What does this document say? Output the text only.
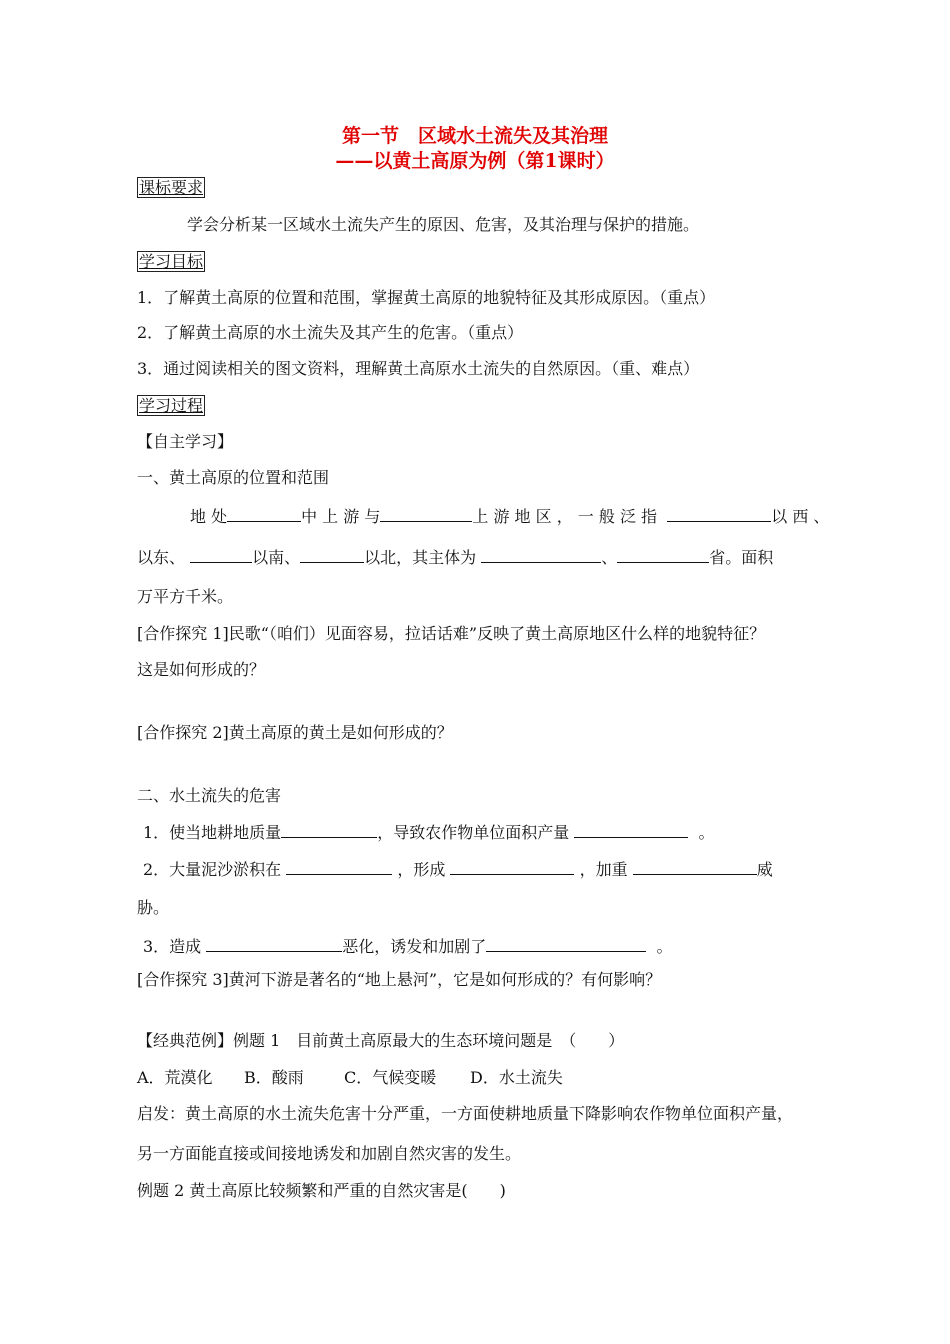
第一节　区域水土流失及其治理
——以黄土高原为例（第1课时）
课标要求
学会分析某一区域水土流失产生的原因、危害，及其治理与保护的措施。
学习目标
1．了解黄土高原的位置和范围，掌握黄土高原的地貌特征及其形成原因。（重点）
2．了解黄土高原的水土流失及其产生的危害。（重点）
3．通过阅读相关的图文资料，理解黄土高原水土流失的自然原因。（重、难点）
学习过程
【自主学习】
一、黄土高原的位置和范围
地 处	中 上 游 与	上 游 地 区 ， 一 般 泛 指	以 西 、
以东、	以南、	以北，其主体为	、	省。面积
万平方千米。
[合作探究 1]民歌“（咱们）见面容易，拉话话难”反映了黄土高原地区什么样的地貌特征？
这是如何形成的？
[合作探究 2]黄土高原的黄土是如何形成的？
二、水土流失的危害
1．使当地耕地质量	，导致农作物单位面积产量	。
2．大量泥沙淤积在	，形成	，加重	威
胁。
3．造成	恶化，诱发和加剧了	。
[合作探究 3]黄河下游是著名的“地上悬河”，它是如何形成的？有何影响？
【经典范例】例题 1　目前黄土高原最大的生态环境问题是　（　　）
A．荒漠化 B．酸雨	C．气候变暖 D．水土流失
启发：黄土高原的水土流失危害十分严重，一方面使耕地质量下降影响农作物单位面积产量，
另一方面能直接或间接地诱发和加剧自然灾害的发生。
例题 2 黄土高原比较频繁和严重的自然灾害是(　　)
